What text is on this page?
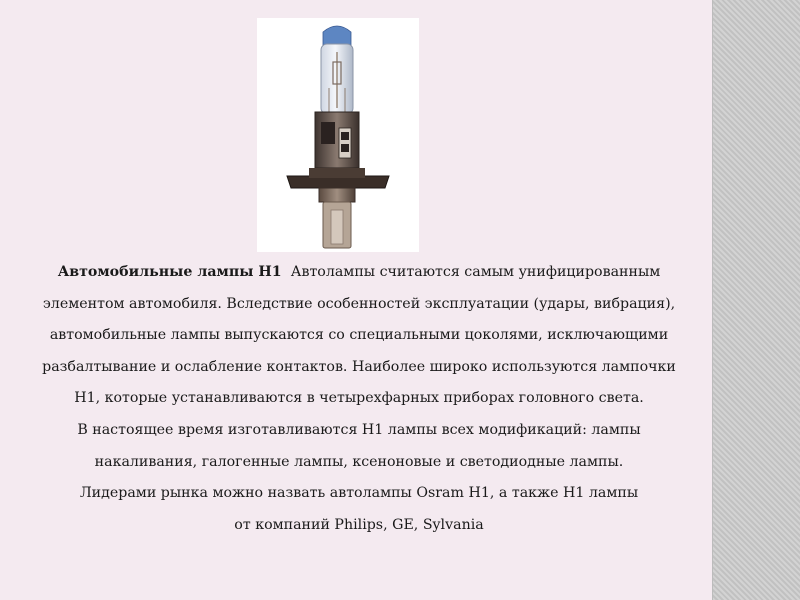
Автомобильные лампы H1 Автолампы считаются самым унифицированным
элементом автомобиля. Вследствие особенностей эксплуатации (удары, вибрация),
автомобильные лампы выпускаются со специальными цоколями, исключающими
разбалтывание и ослабление контактов. Наиболее широко используются лампочки
H1, которые устанавливаются в четырехфарных приборах головного света.
В настоящее время изготавливаются H1 лампы всех модификаций: лампы
накаливания, галогенные лампы, ксеноновые и светодиодные лампы.
Лидерами рынка можно назвать автолампы Osram H1, а также H1 лампы
от компаний Philips, GE, Sylvania
